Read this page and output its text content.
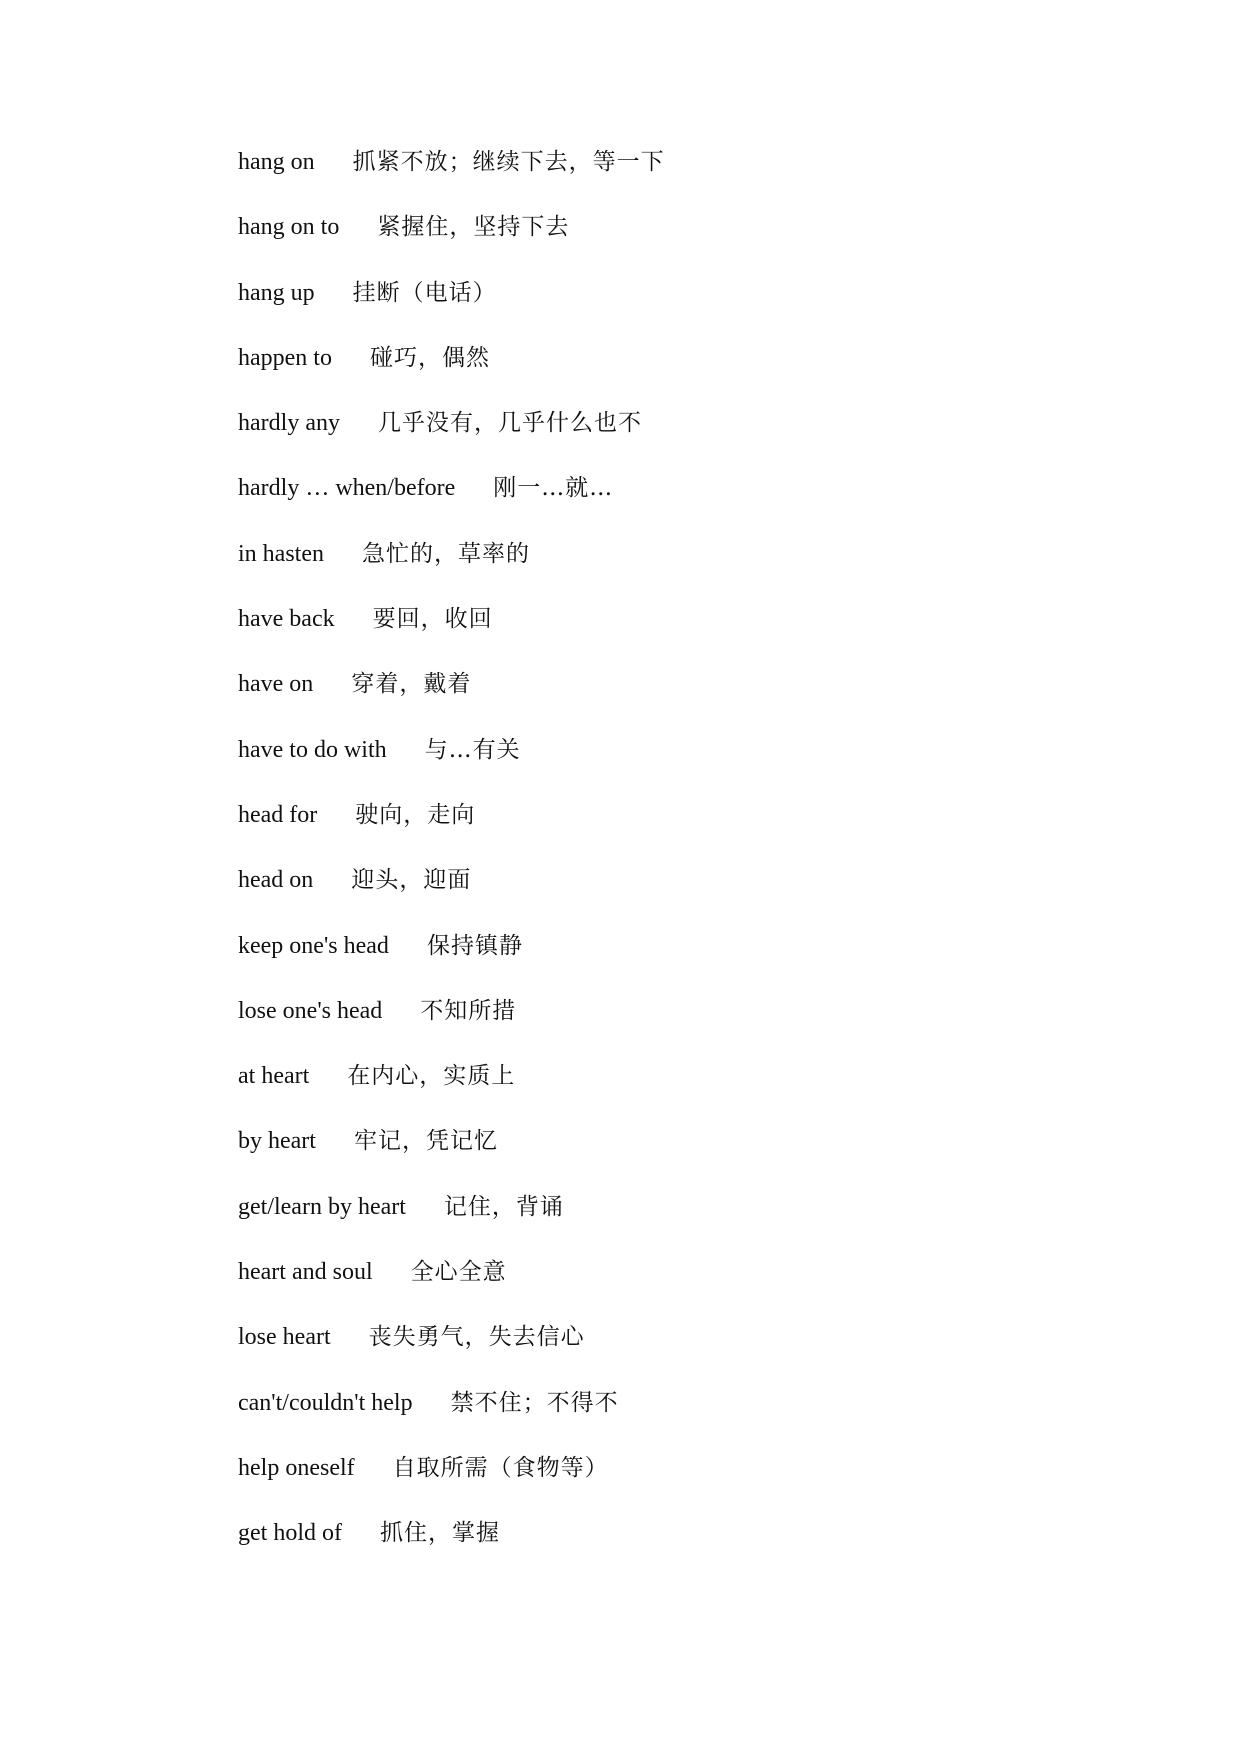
hang on 抓紧不放；继续下去，等一下
hang on to 紧握住，坚持下去
hang up 挂断（电话）
happen to 碰巧，偶然
hardly any 几乎没有，几乎什么也不
hardly … when/before 刚一…就…
in hasten 急忙的，草率的
have back 要回，收回
have on 穿着，戴着
have to do with 与…有关
head for 驶向，走向
head on 迎头，迎面
keep one's head 保持镇静
lose one's head 不知所措
at heart 在内心，实质上
by heart 牢记，凭记忆
get/learn by heart 记住，背诵
heart and soul 全心全意
lose heart 丧失勇气，失去信心
can't/couldn't help 禁不住；不得不
help oneself 自取所需（食物等）
get hold of 抓住，掌握
